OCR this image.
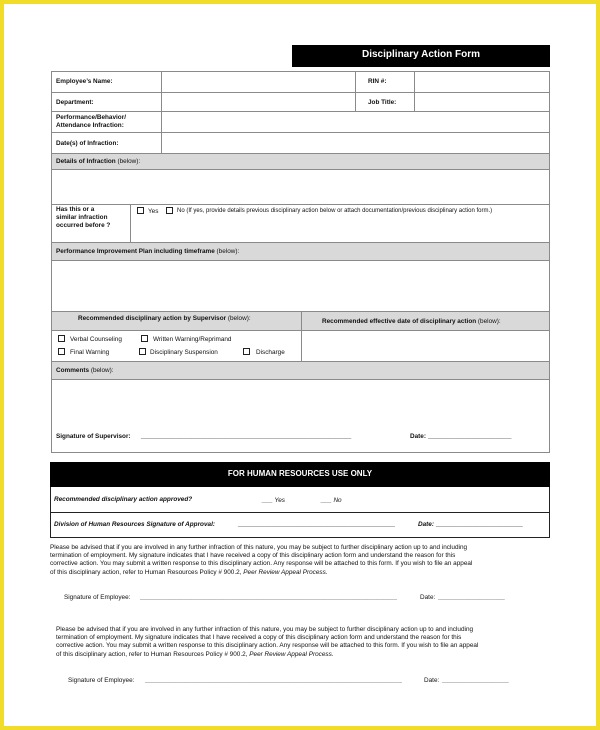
Disciplinary Action Form
Employee’s Name:	RIN #:
Department:	Job Title:
Performance/Behavior/
Attendance Infraction:
Date(s) of Infraction:
Details of Infraction (below):
Has this or a
similar infraction
occurred before ?
Yes	No (If yes, provide details previous disciplinary action below or attach documentation/previous disciplinary action form.)
Performance Improvement Plan including timeframe (below):
Recommended disciplinary action by Supervisor (below):	Recommended effective date of disciplinary action (below):
Verbal Counseling	Written Warning/Reprimand
Final Warning	Disciplinary Suspension	Discharge
Comments (below):
Signature of Supervisor: _______________________________________________________________	Date: _________________________
FOR HUMAN RESOURCES USE ONLY
Recommended disciplinary action approved?	___ Yes	___ No
Division of Human Resources Signature of Approval:	_______________________________________________	Date: __________________________
Please be advised that if you are involved in any further infraction of this nature, you may be subject to further disciplinary action up to and including
termination of employment. My signature indicates that I have received a copy of this disciplinary action form and understand the reason for this
corrective action. You may submit a written response to this disciplinary action. Any response will be attached to this form. If you wish to file an appeal
of this disciplinary action, refer to Human Resources Policy # 900.2, Peer Review Appeal Process.
Signature of Employee: _____________________________________________________________________________	Date: ____________________
Please be advised that if you are involved in any further infraction of this nature, you may be subject to further disciplinary action up to and including
termination of employment. My signature indicates that I have received a copy of this disciplinary action form and understand the reason for this
corrective action. You may submit a written response to this disciplinary action. Any response will be attached to this form. If you wish to file an appeal
of this disciplinary action, refer to Human Resources Policy # 900.2, Peer Review Appeal Process.
Signature of Employee: _____________________________________________________________________________	Date: ____________________
